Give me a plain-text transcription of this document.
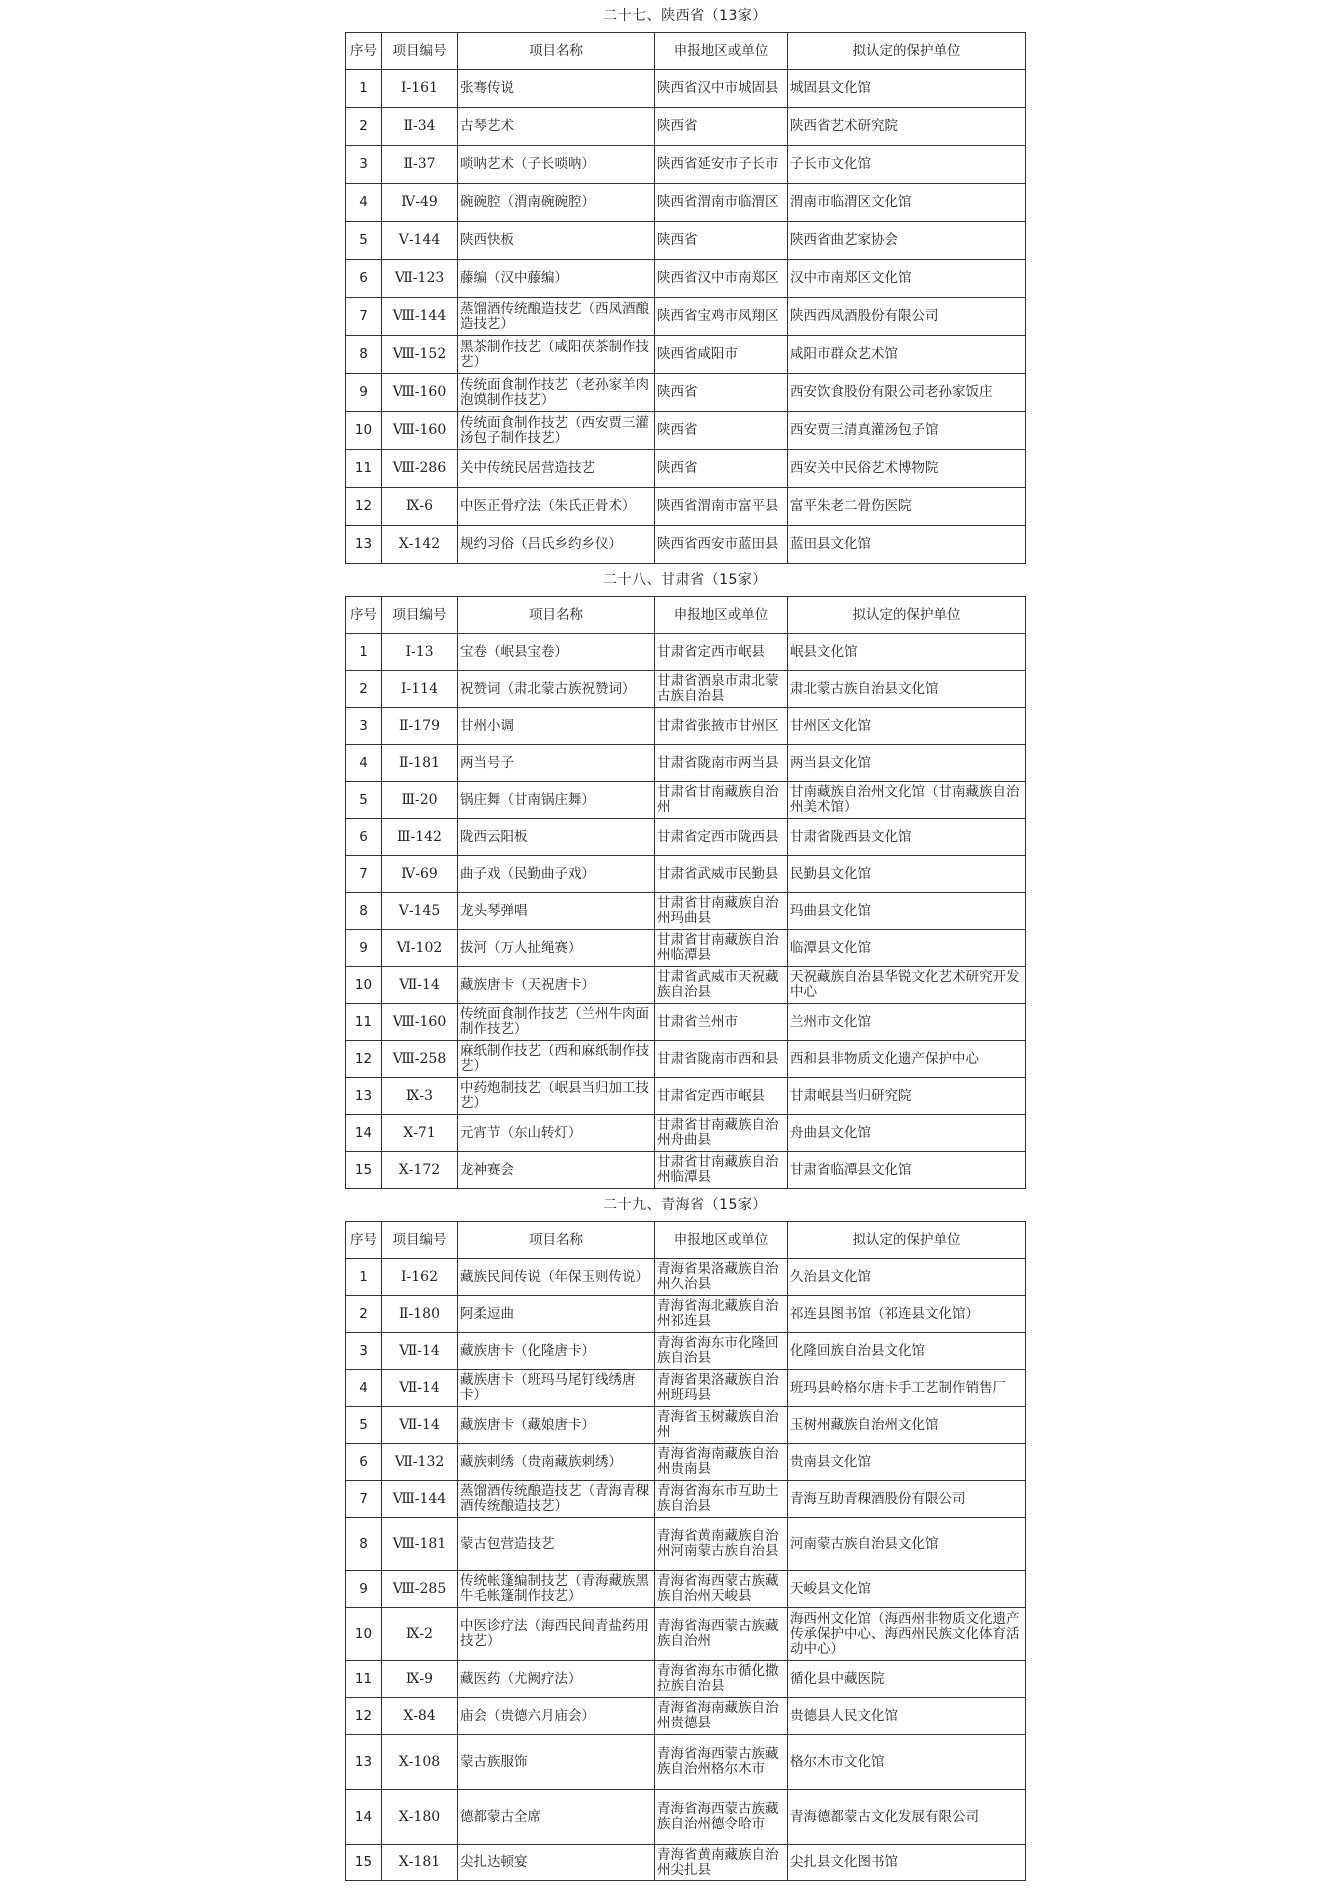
二十七、陕西省（13家）
序号	项目编号	项目名称	申报地区或单位	拟认定的保护单位
1	Ⅰ-161	张骞传说	陕西省汉中市城固县	城固县文化馆
2	Ⅱ-34	古琴艺术	陕西省	陕西省艺术研究院
3	Ⅱ-37	唢呐艺术（子长唢呐）	陕西省延安市子长市	子长市文化馆
4	Ⅳ-49	碗碗腔（渭南碗碗腔）	陕西省渭南市临渭区	渭南市临渭区文化馆
5	Ⅴ-144	陕西快板	陕西省	陕西省曲艺家协会
6	Ⅶ-123	藤编（汉中藤编）	陕西省汉中市南郑区	汉中市南郑区文化馆
7	Ⅷ-144	蒸馏酒传统酿造技艺（西凤酒酿造技艺）	陕西省宝鸡市凤翔区	陕西西凤酒股份有限公司
8	Ⅷ-152	黑茶制作技艺（咸阳茯茶制作技艺）	陕西省咸阳市	咸阳市群众艺术馆
9	Ⅷ-160	传统面食制作技艺（老孙家羊肉泡馍制作技艺）	陕西省	西安饮食股份有限公司老孙家饭庄
10	Ⅷ-160	传统面食制作技艺（西安贾三灌汤包子制作技艺）	陕西省	西安贾三清真灌汤包子馆
11	Ⅷ-286	关中传统民居营造技艺	陕西省	西安关中民俗艺术博物院
12	Ⅸ-6	中医正骨疗法（朱氏正骨术）	陕西省渭南市富平县	富平朱老二骨伤医院
13	Ⅹ-142	规约习俗（吕氏乡约乡仪）	陕西省西安市蓝田县	蓝田县文化馆
二十八、甘肃省（15家）
序号	项目编号	项目名称	申报地区或单位	拟认定的保护单位
1	Ⅰ-13	宝卷（岷县宝卷）	甘肃省定西市岷县	岷县文化馆
2	Ⅰ-114	祝赞词（肃北蒙古族祝赞词）	甘肃省酒泉市肃北蒙古族自治县	肃北蒙古族自治县文化馆
3	Ⅱ-179	甘州小调	甘肃省张掖市甘州区	甘州区文化馆
4	Ⅱ-181	两当号子	甘肃省陇南市两当县	两当县文化馆
5	Ⅲ-20	锅庄舞（甘南锅庄舞）	甘肃省甘南藏族自治州	甘南藏族自治州文化馆（甘南藏族自治州美术馆）
6	Ⅲ-142	陇西云阳板	甘肃省定西市陇西县	甘肃省陇西县文化馆
7	Ⅳ-69	曲子戏（民勤曲子戏）	甘肃省武威市民勤县	民勤县文化馆
8	Ⅴ-145	龙头琴弹唱	甘肃省甘南藏族自治州玛曲县	玛曲县文化馆
9	Ⅵ-102	拔河（万人扯绳赛）	甘肃省甘南藏族自治州临潭县	临潭县文化馆
10	Ⅶ-14	藏族唐卡（天祝唐卡）	甘肃省武威市天祝藏族自治县	天祝藏族自治县华锐文化艺术研究开发中心
11	Ⅷ-160	传统面食制作技艺（兰州牛肉面制作技艺）	甘肃省兰州市	兰州市文化馆
12	Ⅷ-258	麻纸制作技艺（西和麻纸制作技艺）	甘肃省陇南市西和县	西和县非物质文化遗产保护中心
13	Ⅸ-3	中药炮制技艺（岷县当归加工技艺）	甘肃省定西市岷县	甘肃岷县当归研究院
14	Ⅹ-71	元宵节（东山转灯）	甘肃省甘南藏族自治州舟曲县	舟曲县文化馆
15	Ⅹ-172	龙神赛会	甘肃省甘南藏族自治州临潭县	甘肃省临潭县文化馆
二十九、青海省（15家）
序号	项目编号	项目名称	申报地区或单位	拟认定的保护单位
1	Ⅰ-162	藏族民间传说（年保玉则传说）	青海省果洛藏族自治州久治县	久治县文化馆
2	Ⅱ-180	阿柔逗曲	青海省海北藏族自治州祁连县	祁连县图书馆（祁连县文化馆）
3	Ⅶ-14	藏族唐卡（化隆唐卡）	青海省海东市化隆回族自治县	化隆回族自治县文化馆
4	Ⅶ-14	藏族唐卡（班玛马尾钉线绣唐卡）	青海省果洛藏族自治州班玛县	班玛县岭格尔唐卡手工艺制作销售厂
5	Ⅶ-14	藏族唐卡（藏娘唐卡）	青海省玉树藏族自治州	玉树州藏族自治州文化馆
6	Ⅶ-132	藏族刺绣（贵南藏族刺绣）	青海省海南藏族自治州贵南县	贵南县文化馆
7	Ⅷ-144	蒸馏酒传统酿造技艺（青海青稞酒传统酿造技艺）	青海省海东市互助土族自治县	青海互助青稞酒股份有限公司
8	Ⅷ-181	蒙古包营造技艺	青海省黄南藏族自治州河南蒙古族自治县	河南蒙古族自治县文化馆
9	Ⅷ-285	传统帐篷编制技艺（青海藏族黑牛毛帐篷制作技艺）	青海省海西蒙古族藏族自治州天峻县	天峻县文化馆
10	Ⅸ-2	中医诊疗法（海西民间青盐药用技艺）	青海省海西蒙古族藏族自治州	海西州文化馆（海西州非物质文化遗产传承保护中心、海西州民族文化体育活动中心）
11	Ⅸ-9	藏医药（尤阙疗法）	青海省海东市循化撒拉族自治县	循化县中藏医院
12	Ⅹ-84	庙会（贵德六月庙会）	青海省海南藏族自治州贵德县	贵德县人民文化馆
13	Ⅹ-108	蒙古族服饰	青海省海西蒙古族藏族自治州格尔木市	格尔木市文化馆
14	Ⅹ-180	德都蒙古全席	青海省海西蒙古族藏族自治州德令哈市	青海德都蒙古文化发展有限公司
15	Ⅹ-181	尖扎达顿宴	青海省黄南藏族自治州尖扎县	尖扎县文化图书馆
